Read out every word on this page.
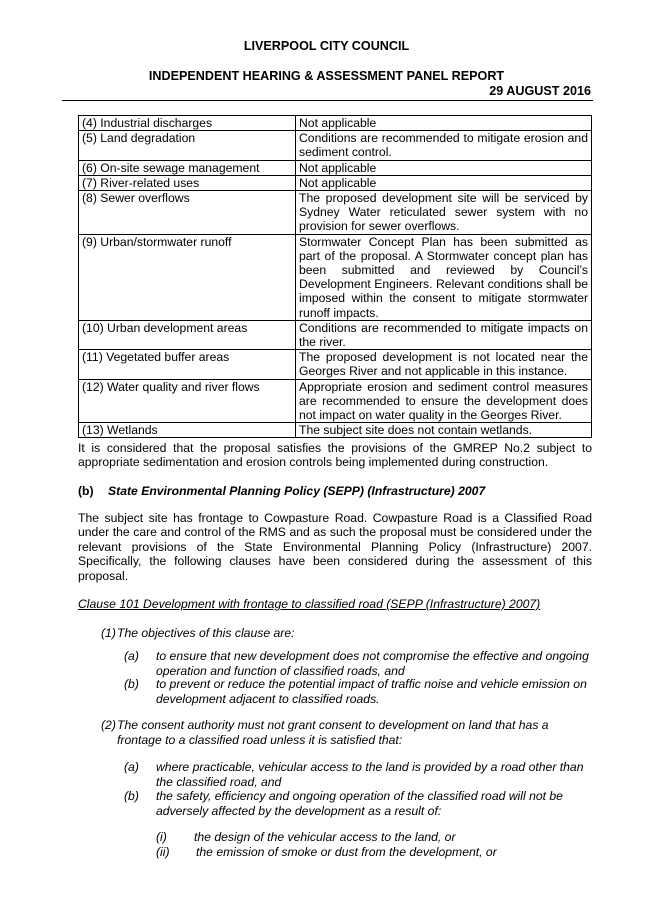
LIVERPOOL CITY COUNCIL
INDEPENDENT HEARING & ASSESSMENT PANEL REPORT
29 AUGUST 2016
(4) Industrial discharges	Not applicable
(5) Land degradation	Conditions are recommended to mitigate erosion and sediment control.
(6) On-site sewage management	Not applicable
(7) River-related uses	Not applicable
(8) Sewer overflows	The proposed development site will be serviced by Sydney Water reticulated sewer system with no provision for sewer overflows.
(9) Urban/stormwater runoff	Stormwater Concept Plan has been submitted as part of the proposal. A Stormwater concept plan has been submitted and reviewed by Council’s Development Engineers. Relevant conditions shall be imposed within the consent to mitigate stormwater runoff impacts.
(10) Urban development areas	Conditions are recommended to mitigate impacts on the river.
(11) Vegetated buffer areas	The proposed development is not located near the Georges River and not applicable in this instance.
(12) Water quality and river flows	Appropriate erosion and sediment control measures are recommended to ensure the development does not impact on water quality in the Georges River.
(13) Wetlands	The subject site does not contain wetlands.
It is considered that the proposal satisfies the provisions of the GMREP No.2 subject to appropriate sedimentation and erosion controls being implemented during construction.
(b) State Environmental Planning Policy (SEPP) (Infrastructure) 2007
The subject site has frontage to Cowpasture Road. Cowpasture Road is a Classified Road under the care and control of the RMS and as such the proposal must be considered under the relevant provisions of the State Environmental Planning Policy (Infrastructure) 2007. Specifically, the following clauses have been considered during the assessment of this proposal.
Clause 101 Development with frontage to classified road (SEPP (Infrastructure) 2007)
(1) The objectives of this clause are:
(a) to ensure that new development does not compromise the effective and ongoing
operation and function of classified roads, and
(b) to prevent or reduce the potential impact of traffic noise and vehicle emission on
development adjacent to classified roads.
(2) The consent authority must not grant consent to development on land that has a
frontage to a classified road unless it is satisfied that:
(a) where practicable, vehicular access to the land is provided by a road other than
the classified road, and
(b) the safety, efficiency and ongoing operation of the classified road will not be
adversely affected by the development as a result of:
(i) the design of the vehicular access to the land, or
(ii) the emission of smoke or dust from the development, or
